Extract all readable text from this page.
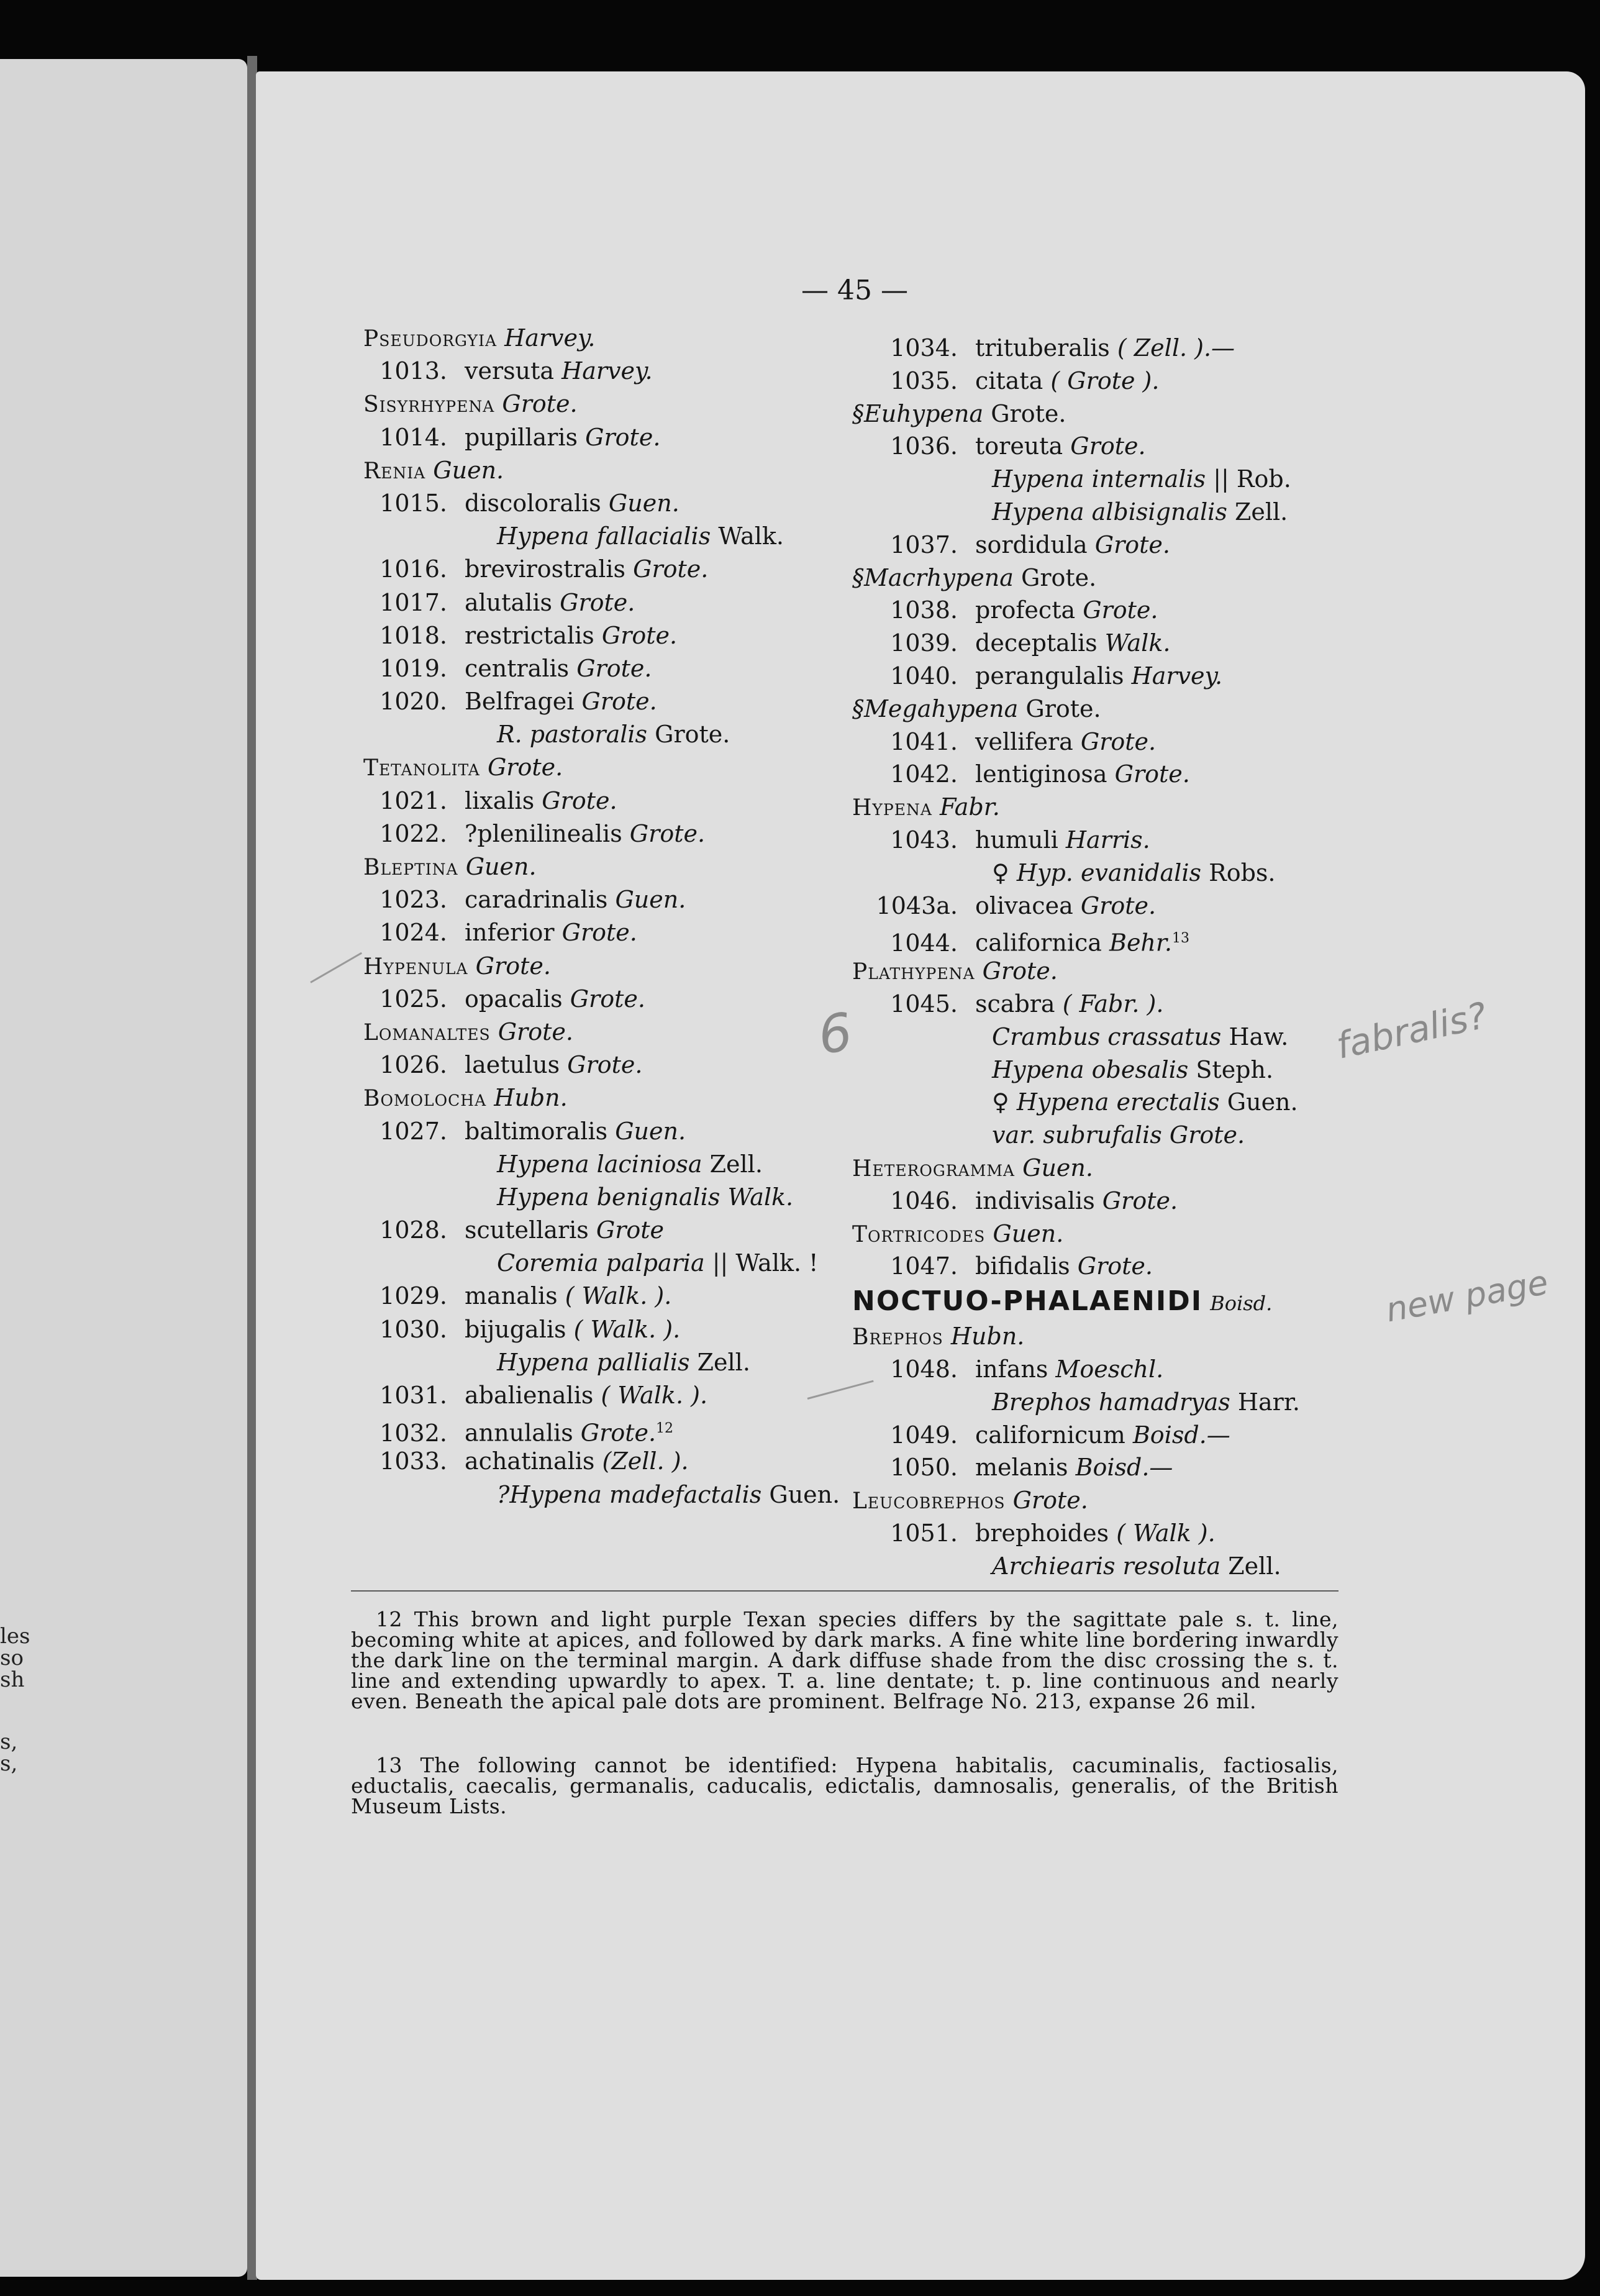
les
so
sh
s,
s,
— 45 —
Pseudorgyia Harvey.
1013. versuta Harvey.
Sisyrhypena Grote.
1014. pupillaris Grote.
Renia Guen.
1015. discoloralis Guen.
Hypena fallacialis Walk.
1016. brevirostralis Grote.
1017. alutalis Grote.
1018. restrictalis Grote.
1019. centralis Grote.
1020. Belfragei Grote.
R. pastoralis Grote.
Tetanolita Grote.
1021. lixalis Grote.
1022. ?plenilinealis Grote.
Bleptina Guen.
1023. caradrinalis Guen.
1024. inferior Grote.
Hypenula Grote.
1025. opacalis Grote.
Lomanaltes Grote.
1026. laetulus Grote.
Bomolocha Hubn.
1027. baltimoralis Guen.
Hypena laciniosa Zell.
Hypena benignalis Walk.
1028. scutellaris Grote
Coremia palparia || Walk. !
1029. manalis ( Walk. ).
1030. bijugalis ( Walk. ).
Hypena pallialis Zell.
1031. abalienalis ( Walk. ).
1032. annulalis Grote.$^{12}$
1033. achatinalis (Zell. ).
?Hypena madefactalis Guen.
1034. trituberalis ( Zell. ).—
1035. citata ( Grote ).
§Euhypena Grote.
1036. toreuta Grote.
Hypena internalis || Rob.
Hypena albisignalis Zell.
1037. sordidula Grote.
§Macrhypena Grote.
1038. profecta Grote.
1039. deceptalis Walk.
1040. perangulalis Harvey.
§Megahypena Grote.
1041. vellifera Grote.
1042. lentiginosa Grote.
Hypena Fabr.
1043. humuli Harris.
♀ Hyp. evanidalis Robs.
1043a. olivacea Grote.
1044. californica Behr.$^{13}$
Plathypena Grote.
1045. scabra ( Fabr. ).
Crambus crassatus Haw.
Hypena obesalis Steph.
♀ Hypena erectalis Guen.
var. subrufalis Grote.
Heterogramma Guen.
1046. indivisalis Grote.
Tortricodes Guen.
1047. bifidalis Grote.
NOCTUO-PHALAENIDI Boisd.
Brephos Hubn.
1048. infans Moeschl.
Brephos hamadryas Harr.
1049. californicum Boisd.—
1050. melanis Boisd.—
Leucobrephos Grote.
1051. brephoides ( Walk ).
Archiearis resoluta Zell.
12 This brown and light purple Texan species differs by the sagittate pale s. t. line, becoming white at apices, and followed by dark marks. A fine white line bordering inwardly the dark line on the terminal margin. A dark diffuse shade from the disc crossing the s. t. line and extending upwardly to apex. T. a. line dentate; t. p. line continuous and nearly even. Beneath the apical pale dots are prominent. Belfrage No. 213, expanse 26 mil.
13 The following cannot be identified: Hypena habitalis, cacuminalis, factiosalis, eductalis, caecalis, germanalis, caducalis, edictalis, damnosalis, generalis, of the British Museum Lists.
6	fabralis?
new page
